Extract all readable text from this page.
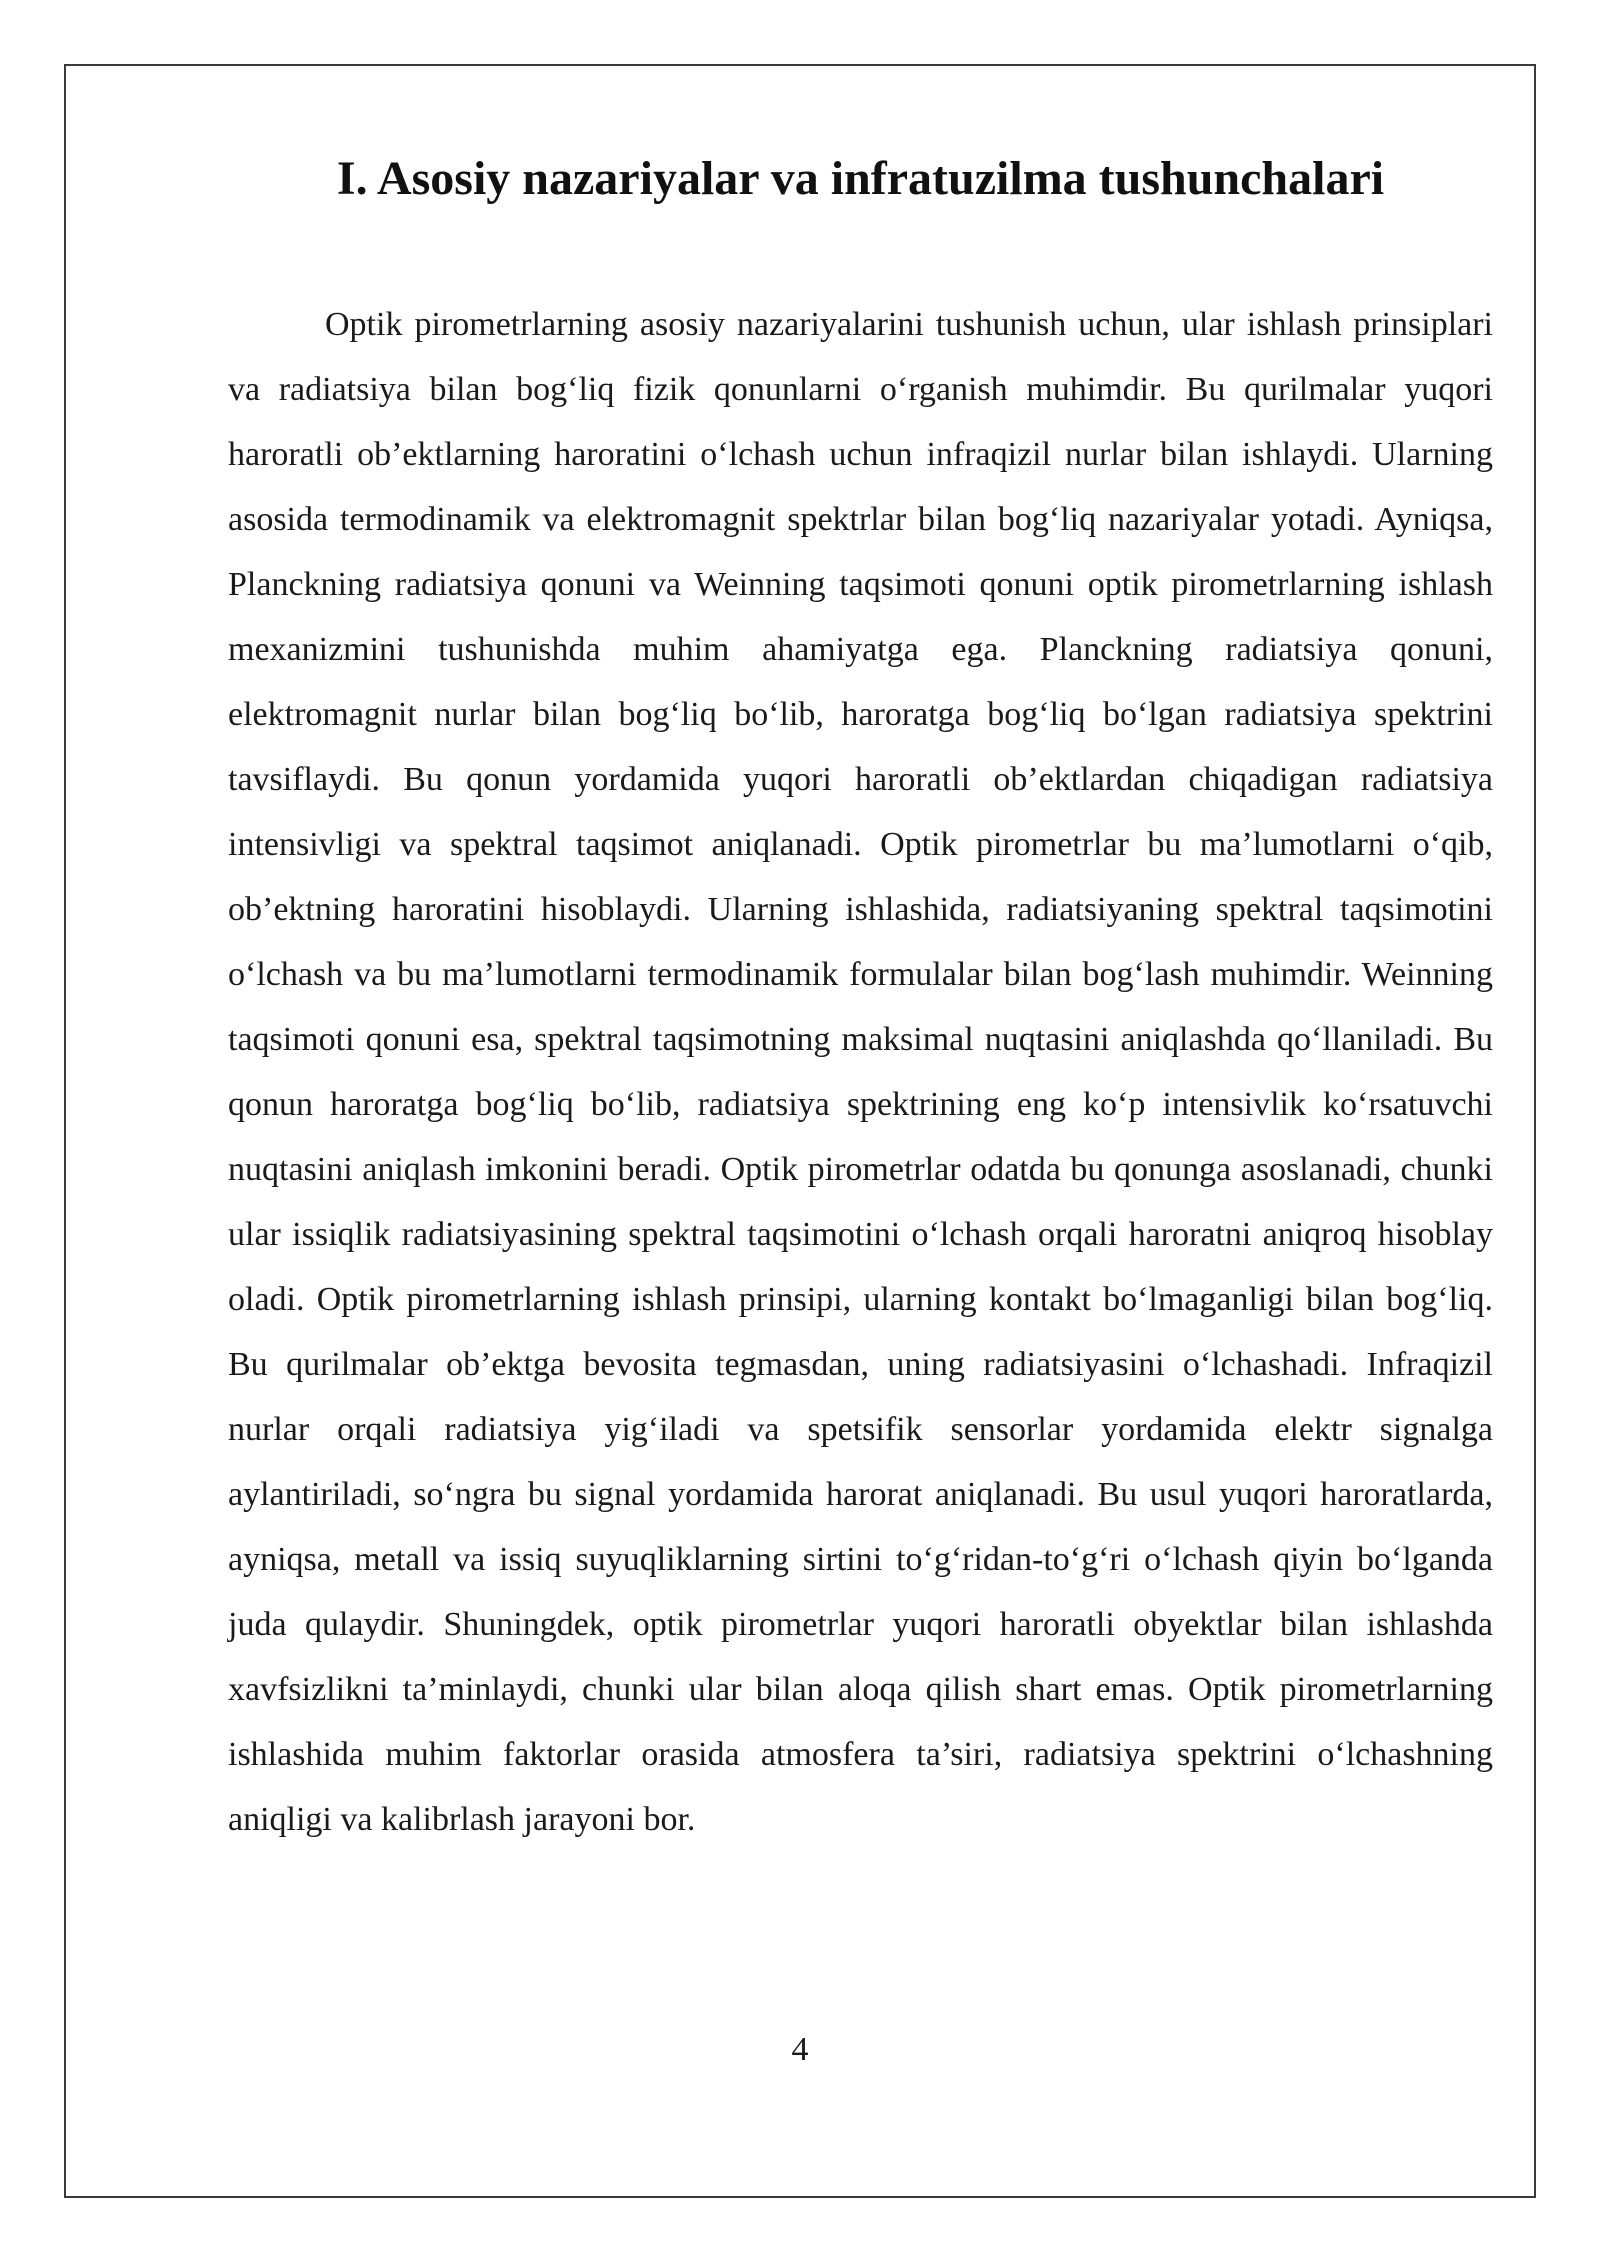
I. Asosiy nazariyalar va infratuzilma tushunchalari

Optik pirometrlarning asosiy nazariyalarini tushunish uchun, ular ishlash prinsiplari va radiatsiya bilan bog‘liq fizik qonunlarni o‘rganish muhimdir. Bu qurilmalar yuqori haroratli ob’ektlarning haroratini o‘lchash uchun infraqizil nurlar bilan ishlaydi. Ularning asosida termodinamik va elektromagnit spektrlar bilan bog‘liq nazariyalar yotadi. Ayniqsa, Planckning radiatsiya qonuni va Weinning taqsimoti qonuni optik pirometrlarning ishlash mexanizmini tushunishda muhim ahamiyatga ega. Planckning radiatsiya qonuni, elektromagnit nurlar bilan bog‘liq bo‘lib, haroratga bog‘liq bo‘lgan radiatsiya spektrini tavsiflaydi. Bu qonun yordamida yuqori haroratli ob’ektlardan chiqadigan radiatsiya intensivligi va spektral taqsimot aniqlanadi. Optik pirometrlar bu ma’lumotlarni o‘qib, ob’ektning haroratini hisoblaydi. Ularning ishlashida, radiatsiyaning spektral taqsimotini o‘lchash va bu ma’lumotlarni termodinamik formulalar bilan bog‘lash muhimdir. Weinning taqsimoti qonuni esa, spektral taqsimotning maksimal nuqtasini aniqlashda qo‘llaniladi. Bu qonun haroratga bog‘liq bo‘lib, radiatsiya spektrining eng ko‘p intensivlik ko‘rsatuvchi nuqtasini aniqlash imkonini beradi. Optik pirometrlar odatda bu qonunga asoslanadi, chunki ular issiqlik radiatsiyasining spektral taqsimotini o‘lchash orqali haroratni aniqroq hisoblay oladi. Optik pirometrlarning ishlash prinsipi, ularning kontakt bo‘lmaganligi bilan bog‘liq. Bu qurilmalar ob’ektga bevosita tegmasdan, uning radiatsiyasini o‘lchashadi. Infraqizil nurlar orqali radiatsiya yig‘iladi va spetsifik sensorlar yordamida elektr signalga aylantiriladi, so‘ngra bu signal yordamida harorat aniqlanadi. Bu usul yuqori haroratlarda, ayniqsa, metall va issiq suyuqliklarning sirtini to‘g‘ridan-to‘g‘ri o‘lchash qiyin bo‘lganda juda qulaydir. Shuningdek, optik pirometrlar yuqori haroratli obyektlar bilan ishlashda xavfsizlikni ta’minlaydi, chunki ular bilan aloqa qilish shart emas. Optik pirometrlarning ishlashida muhim faktorlar orasida atmosfera ta’siri, radiatsiya spektrini o‘lchashning aniqligi va kalibrlash jarayoni bor.

4
